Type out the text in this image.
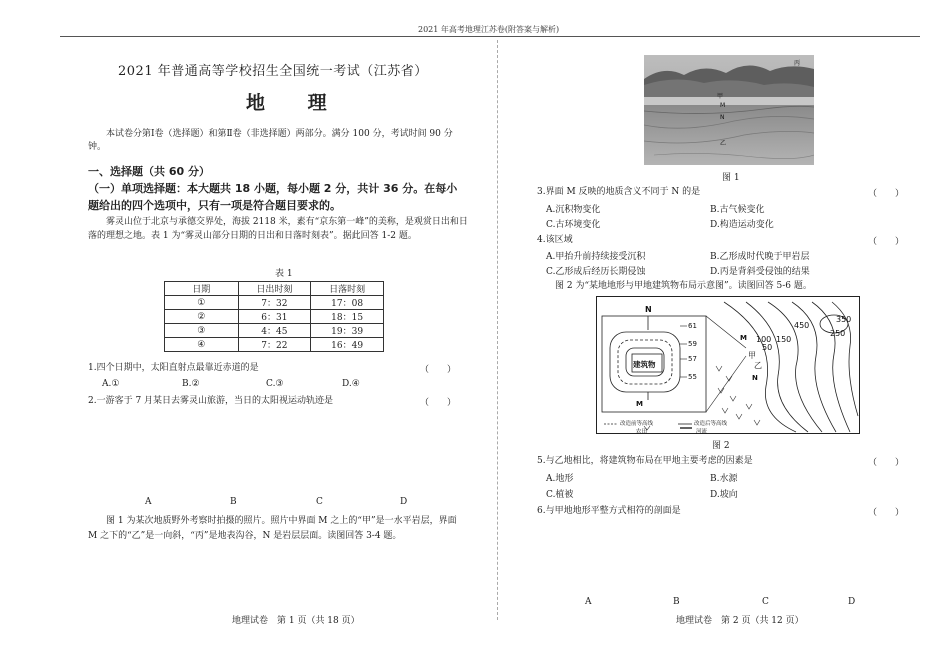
2021 年高考地理江苏卷(附答案与解析)
2021 年普通高等学校招生全国统一考试（江苏省）
地 理
本试卷分第Ⅰ卷（选择题）和第Ⅱ卷（非选择题）两部分。满分 100 分，考试时间 90 分钟。
一、选择题（共 60 分）
（一）单项选择题：本大题共 18 小题，每小题 2 分，共计 36 分。在每小题给出的四个选项中，只有一项是符合题目要求的。
雾灵山位于北京与承德交界处，海拔 2118 米，素有“京东第一峰”的美称，是观赏日出和日落的理想之地。表 1 为“雾灵山部分日期的日出和日落时刻表”。据此回答 1-2 题。
表 1
日期	日出时刻	日落时刻
①	7：32	17：08
②	6：31	18：15
③	4：45	19：39
④	7：22	16：49
1.四个日期中，太阳直射点最靠近赤道的是	（　　）
A.①	B.②	C.③	D.④
2.一游客于 7 月某日去雾灵山旅游，当日的太阳视运动轨迹是	（　　）
A	B	C	D
图 1 为某次地质野外考察时拍摄的照片。照片中界面 M 之上的“甲”是一水平岩层，界面 M 之下的“乙”是一向斜，“丙”是地表沟谷，N 是岩层层面。读图回答 3-4 题。
地理试卷　第 1 页（共 18 页）
丙
甲
M
N
乙
图 1
3.界面 M 反映的地质含义不同于 N 的是	（　　）
A.沉积物变化	B.古气候变化
C.古环境变化	D.构造运动变化
4.该区域	（　　）
A.甲抬升前持续接受沉积	B.乙形成时代晚于甲岩层
C.乙形成后经历长期侵蚀	D.丙是背斜受侵蚀的结果
图 2 为“某地地形与甲地建筑物布局示意图”。读图回答 5-6 题。
N
建筑物
61
59
57
55
M
450
350
250
150
100
50
M
甲
乙
N
改造前等高线	改造后等高线
农田	河流
图 2
5.与乙地相比，将建筑物布局在甲地主要考虑的因素是	（　　）
A.地形	B.水源
C.植被	D.坡向
6.与甲地地形平整方式相符的剖面是	（　　）
A	B	C	D
地理试卷　第 2 页（共 12 页）
